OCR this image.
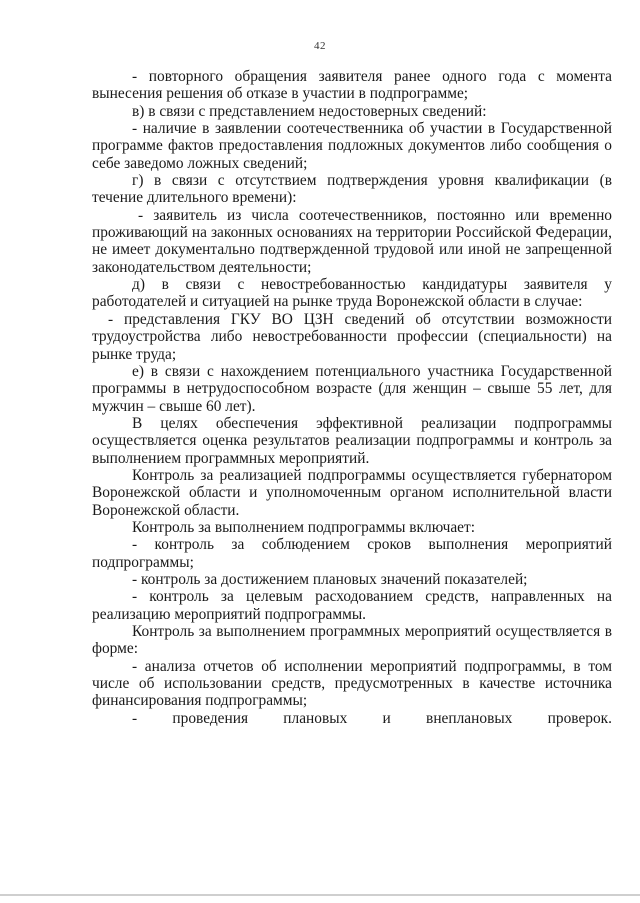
42

- повторного обращения заявителя ранее одного года с момента вынесения решения об отказе в участии в подпрограмме;

в) в связи с представлением недостоверных сведений:

- наличие в заявлении соотечественника об участии в Государственной программе фактов предоставления подложных документов либо сообщения о себе заведомо ложных сведений;

г) в связи с отсутствием подтверждения уровня квалификации (в течение длительного времени):

- заявитель из числа соотечественников, постоянно или временно проживающий на законных основаниях на территории Российской Федерации, не имеет документально подтвержденной трудовой или иной не запрещенной законодательством деятельности;

д) в связи с невостребованностью кандидатуры заявителя у работодателей и ситуацией на рынке труда Воронежской области в случае:

- представления ГКУ ВО ЦЗН сведений об отсутствии возможности трудоустройства либо невостребованности профессии (специальности) на рынке труда;

е) в связи с нахождением потенциального участника Государственной программы в нетрудоспособном возрасте (для женщин – свыше 55 лет, для мужчин – свыше 60 лет).

В целях обеспечения эффективной реализации подпрограммы осуществляется оценка результатов реализации подпрограммы и контроль за выполнением программных мероприятий.

Контроль за реализацией подпрограммы осуществляется губернатором Воронежской области и уполномоченным органом исполнительной власти Воронежской области.

Контроль за выполнением подпрограммы включает:

- контроль за соблюдением сроков выполнения мероприятий подпрограммы;

- контроль за достижением плановых значений показателей;

- контроль за целевым расходованием средств, направленных на реализацию мероприятий подпрограммы.

Контроль за выполнением программных мероприятий осуществляется в форме:

- анализа отчетов об исполнении мероприятий подпрограммы, в том числе об использовании средств, предусмотренных в качестве источника финансирования подпрограммы;

- проведения плановых и внеплановых проверок.
